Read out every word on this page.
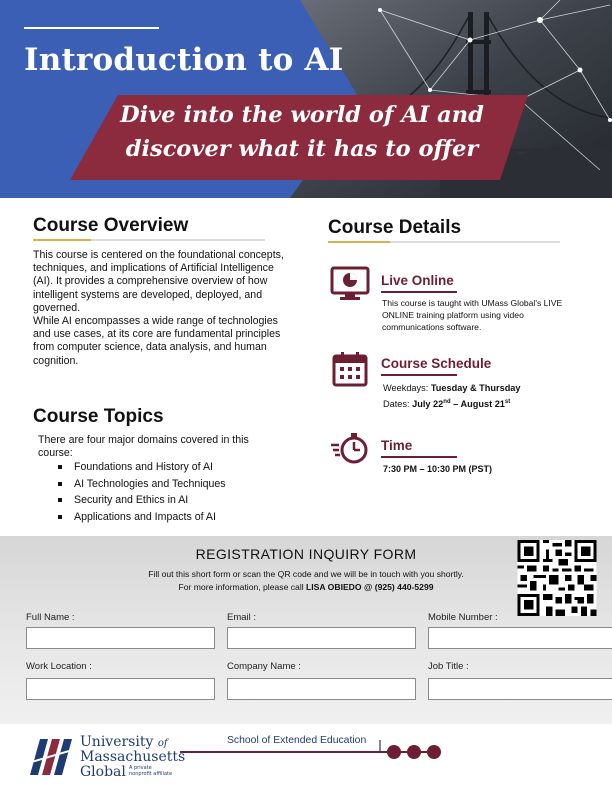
Introduction to AI
Dive into the world of AI and
discover what it has to offer
Course Overview
This course is centered on the foundational concepts,
techniques, and implications of Artificial Intelligence
(AI). It provides a comprehensive overview of how
intelligent systems are developed, deployed, and
governed.
While AI encompasses a wide range of technologies
and use cases, at its core are fundamental principles
from computer science, data analysis, and human
cognition.
Course Topics
There are four major domains covered in this
course:
Foundations and History of AI
AI Technologies and Techniques
Security and Ethics in AI
Applications and Impacts of AI
Course Details
Live Online
This course is taught with UMass Global's LIVE
ONLINE training platform using video
communications software.
Course Schedule
Weekdays: Tuesday & Thursday
Dates: July 22nd – August 21st
Time
7:30 PM – 10:30 PM (PST)
REGISTRATION INQUIRY FORM
Fill out this short form or scan the QR code and we will be in touch with you shortly.
For more information, please call LISA OBIEDO @ (925) 440-5299
Full Name :	Email :	Mobile Number :
Work Location :	Company Name :	Job Title :
University of
Massachusetts
Global A private
nonprofit affiliate
School of Extended Education
